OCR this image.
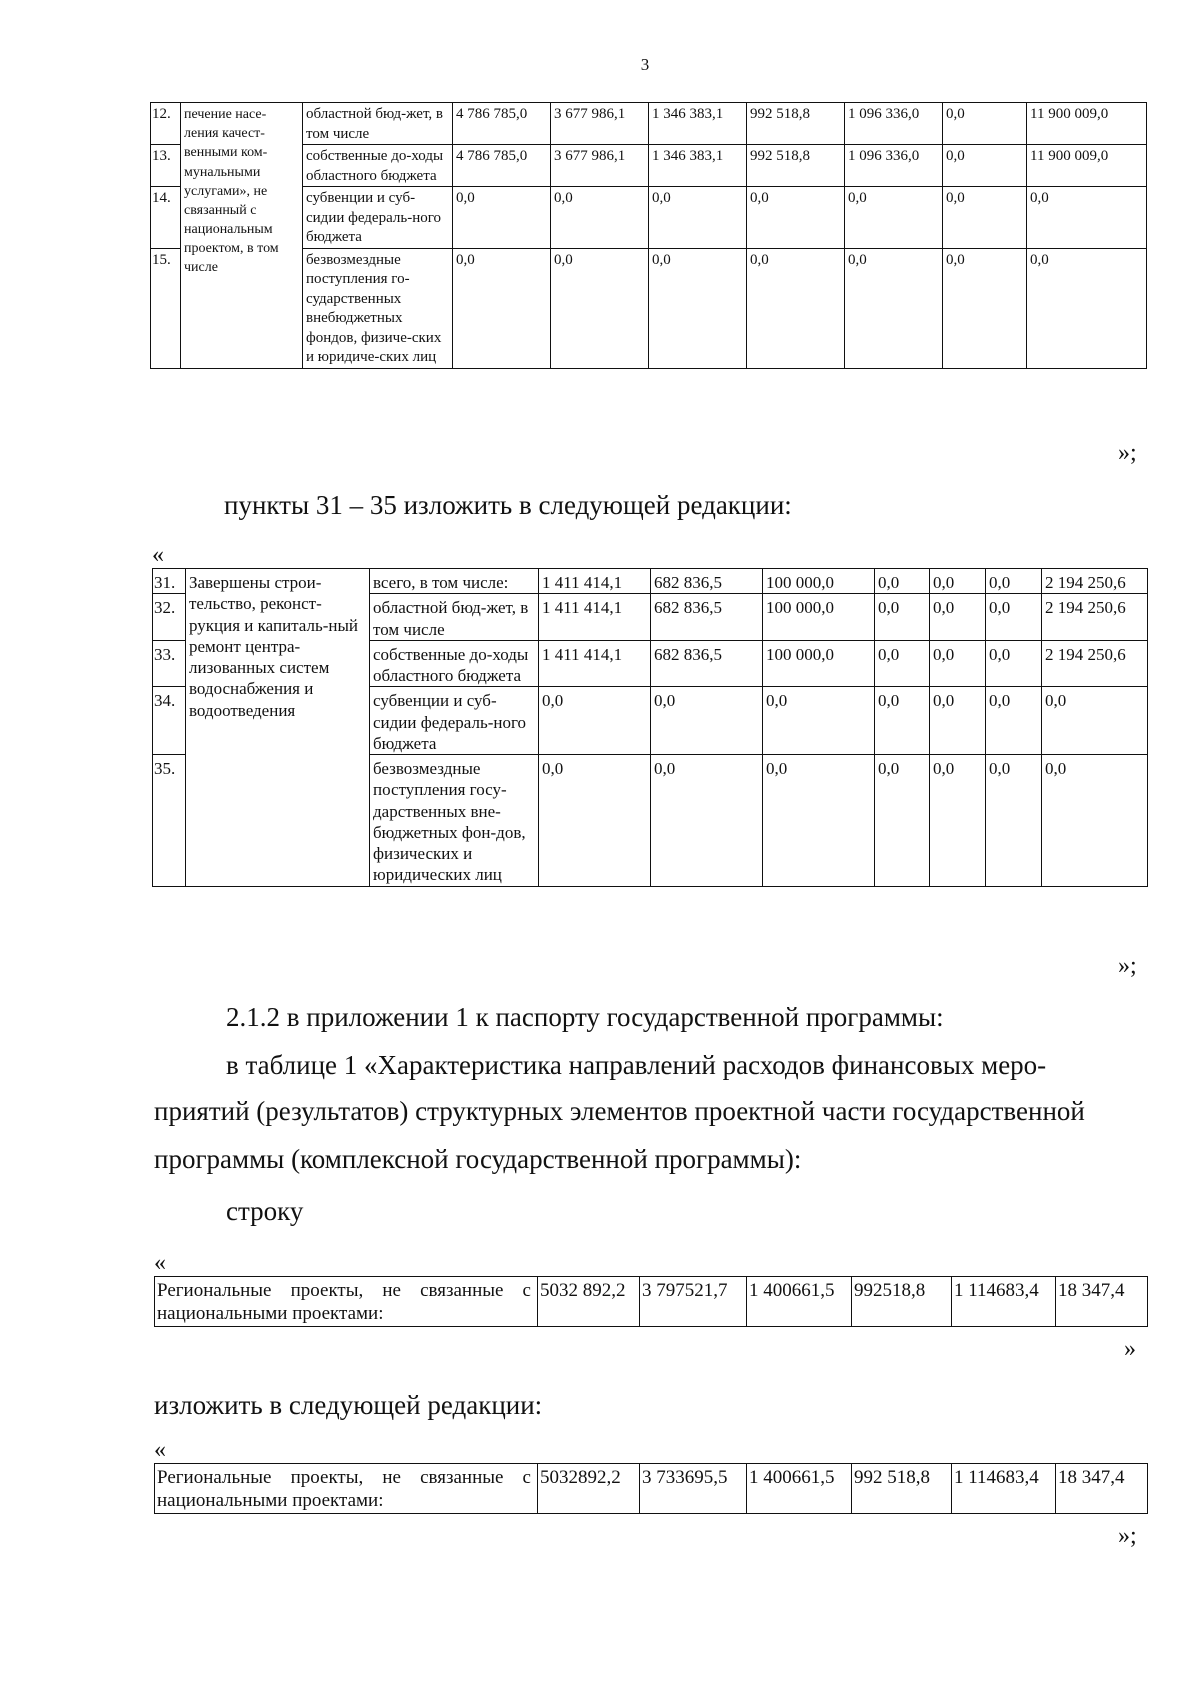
3
12.	печение насе-ления качест-венными ком-мунальными услугами», не связанный с национальным проектом, в том числе	областной бюд-жет, в том числе	4 786 785,0	3 677 986,1	1 346 383,1	992 518,8	1 096 336,0	0,0	11 900 009,0
13.		собственные до-ходы областного бюджета	4 786 785,0	3 677 986,1	1 346 383,1	992 518,8	1 096 336,0	0,0	11 900 009,0
14.		субвенции и суб-сидии федераль-ного бюджета	0,0	0,0	0,0	0,0	0,0	0,0	0,0
15.		безвозмездные поступления го-сударственных внебюджетных фондов, физиче-ских и юридиче-ских лиц	0,0	0,0	0,0	0,0	0,0	0,0	0,0
»;
пункты 31 – 35 изложить в следующей редакции:
«
31.	Завершены строи-тельство, реконст-рукция и капиталь-ный ремонт центра-лизованных систем водоснабжения и водоотведения	всего, в том числе:	1 411 414,1	682 836,5	100 000,0	0,0	0,0	0,0	2 194 250,6
32.		областной бюд-жет, в том числе	1 411 414,1	682 836,5	100 000,0	0,0	0,0	0,0	2 194 250,6
33.		собственные до-ходы областного бюджета	1 411 414,1	682 836,5	100 000,0	0,0	0,0	0,0	2 194 250,6
34.		субвенции и суб-сидии федераль-ного бюджета	0,0	0,0	0,0	0,0	0,0	0,0	0,0
35.		безвозмездные поступления госу-дарственных вне-бюджетных фон-дов, физических и юридических лиц	0,0	0,0	0,0	0,0	0,0	0,0	0,0
»;
2.1.2 в приложении 1 к паспорту государственной программы:
в таблице 1 «Характеристика направлений расходов финансовых меро-
приятий (результатов) структурных элементов проектной части государственной
программы (комплексной государственной программы):
строку
«
Региональные проекты, не связанные с национальными проектами:	5032 892,2	3 797521,7	1 400661,5	992518,8	1 114683,4	18 347,4
»
изложить в следующей редакции:
«
Региональные проекты, не связанные с национальными проектами:	5032892,2	3 733695,5	1 400661,5	992 518,8	1 114683,4	18 347,4
»;
